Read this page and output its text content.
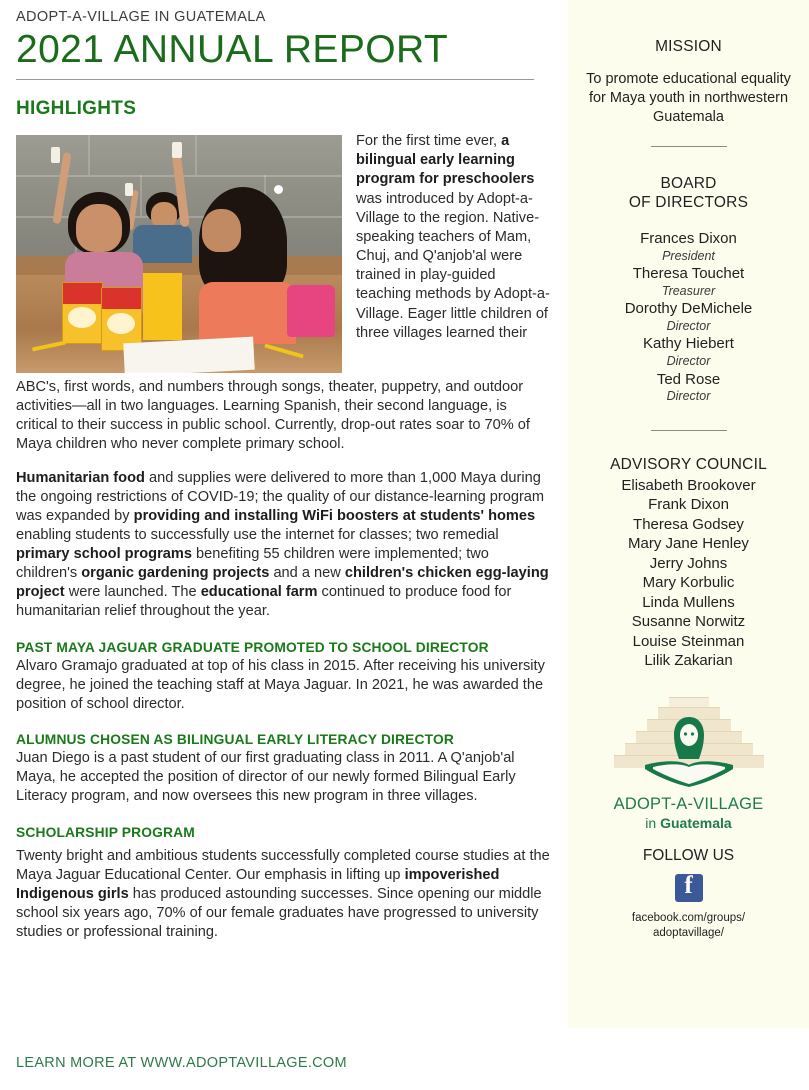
ADOPT-A-VILLAGE IN GUATEMALA
2021 ANNUAL REPORT
HIGHLIGHTS
For the first time ever, a bilingual early learning program for preschoolers was introduced by Adopt-a-Village to the region. Native-speaking teachers of Mam, Chuj, and Q'anjob'al were trained in play-guided teaching methods by Adopt-a-Village. Eager little children of three villages learned their
ABC's, first words, and numbers through songs, theater, puppetry, and outdoor activities—all in two languages. Learning Spanish, their second language, is critical to their success in public school. Currently, drop-out rates soar to 70% of Maya children who never complete primary school.
Humanitarian food and supplies were delivered to more than 1,000 Maya during the ongoing restrictions of COVID-19; the quality of our distance-learning program was expanded by providing and installing WiFi boosters at students' homes enabling students to successfully use the internet for classes; two remedial primary school programs benefiting 55 children were implemented; two children's organic gardening projects and a new children's chicken egg-laying project were launched. The educational farm continued to produce food for humanitarian relief throughout the year.
PAST MAYA JAGUAR GRADUATE PROMOTED TO SCHOOL DIRECTOR
Alvaro Gramajo graduated at top of his class in 2015. After receiving his university degree, he joined the teaching staff at Maya Jaguar. In 2021, he was awarded the position of school director.
ALUMNUS CHOSEN AS BILINGUAL EARLY LITERACY DIRECTOR
Juan Diego is a past student of our first graduating class in 2011. A Q'anjob'al Maya, he accepted the position of director of our newly formed Bilingual Early Literacy program, and now oversees this new program in three villages.
SCHOLARSHIP PROGRAM
Twenty bright and ambitious students successfully completed course studies at the Maya Jaguar Educational Center. Our emphasis in lifting up impoverished Indigenous girls has produced astounding successes. Since opening our middle school six years ago, 70% of our female graduates have progressed to university studies or professional training.
LEARN MORE AT WWW.ADOPTAVILLAGE.COM
MISSION
To promote educational equality for Maya youth in northwestern Guatemala
BOARD
OF DIRECTORS
Frances Dixon
President
Theresa Touchet
Treasurer
Dorothy DeMichele
Director
Kathy Hiebert
Director
Ted Rose
Director
ADVISORY COUNCIL
Elisabeth Brookover
Frank Dixon
Theresa Godsey
Mary Jane Henley
Jerry Johns
Mary Korbulic
Linda Mullens
Susanne Norwitz
Louise Steinman
Lilik Zakarian
ADOPT-A-VILLAGE
in Guatemala
FOLLOW US
f
facebook.com/groups/
adoptavillage/
